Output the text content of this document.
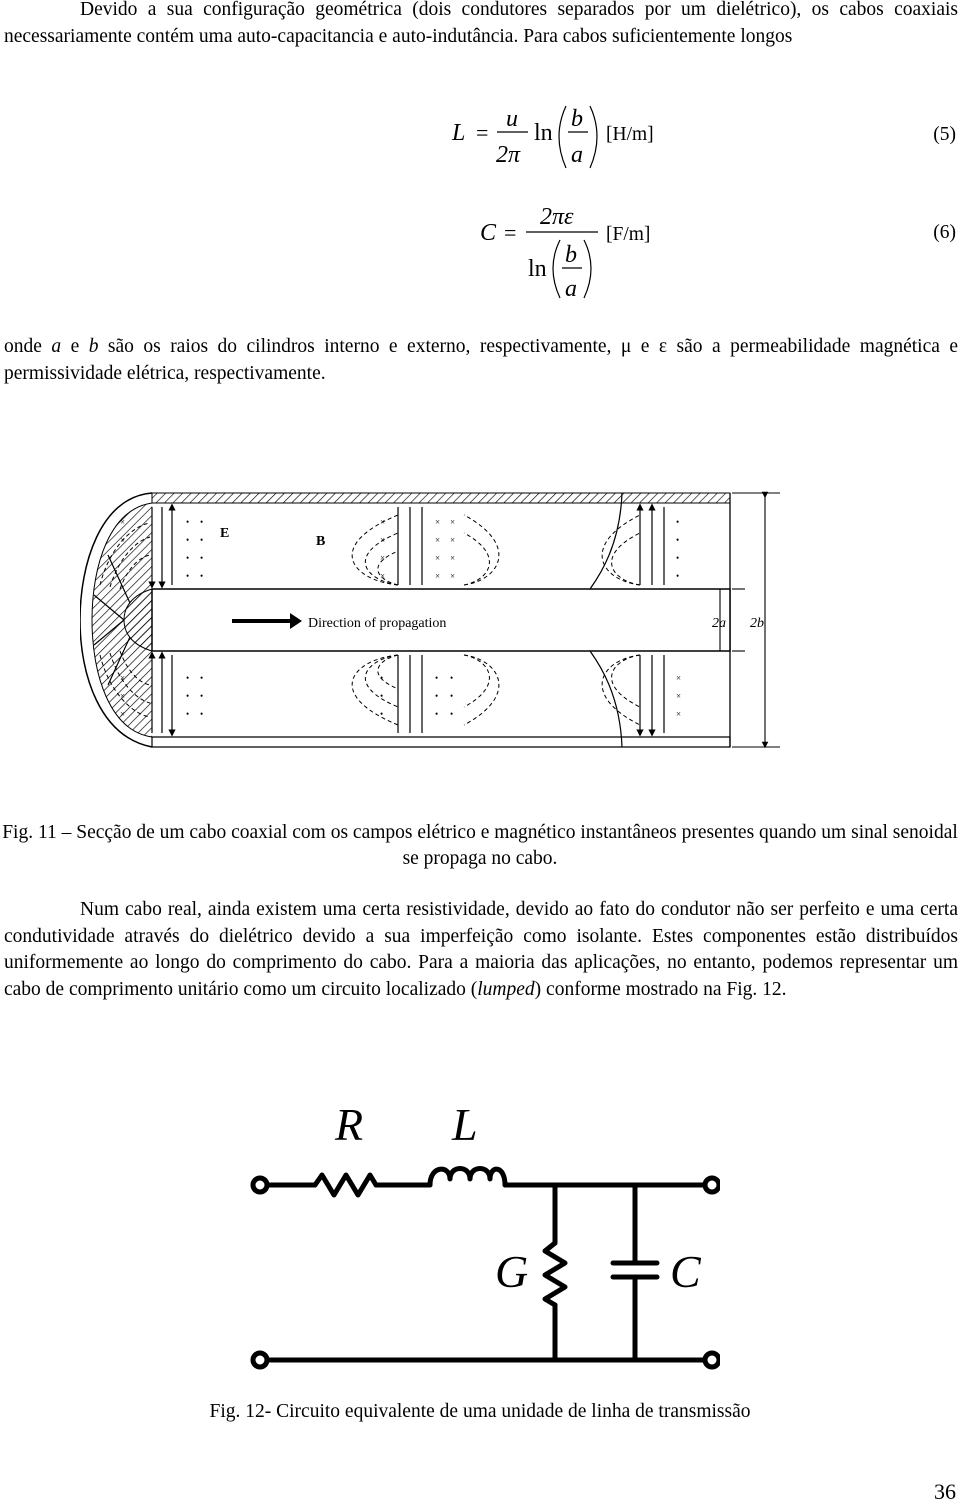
Devido a sua configuração geométrica (dois condutores separados por um dielétrico), os cabos coaxiais necessariamente contém uma auto-capacitancia e auto-indutância. Para cabos suficientemente longos

L =
u
2π
ln
b
a
[H/m]	(5)
C =
2πε
ln
b
a
[F/m]	(6)

onde a e b são os raios do cilindros interno e externo, respectivamente, μ e ε são a permeabilidade magnética e permissividade elétrica, respectivamente.

Direction of propagation
E
B
•
•
•
•
•
•
•
•
•
•
•
•
•
•
×
×
×
×
×
×
×
×
×
×
×
×
•
•
•
•
•
•
•
•
•
•
•
•
•
×
×
×
×
×
×
×
×
2a 2b

Fig. 11 – Secção de um cabo coaxial com os campos elétrico e magnético instantâneos presentes quando um sinal senoidal se propaga no cabo.

Num cabo real, ainda existem uma certa resistividade, devido ao fato do condutor não ser perfeito e uma certa condutividade através do dielétrico devido a sua imperfeição como isolante. Estes componentes estão distribuídos uniformemente ao longo do comprimento do cabo. Para a maioria das aplicações, no entanto, podemos representar um cabo de comprimento unitário como um circuito localizado (lumped) conforme mostrado na Fig. 12.

R L
G	C

Fig. 12- Circuito equivalente de uma unidade de linha de transmissão

36
